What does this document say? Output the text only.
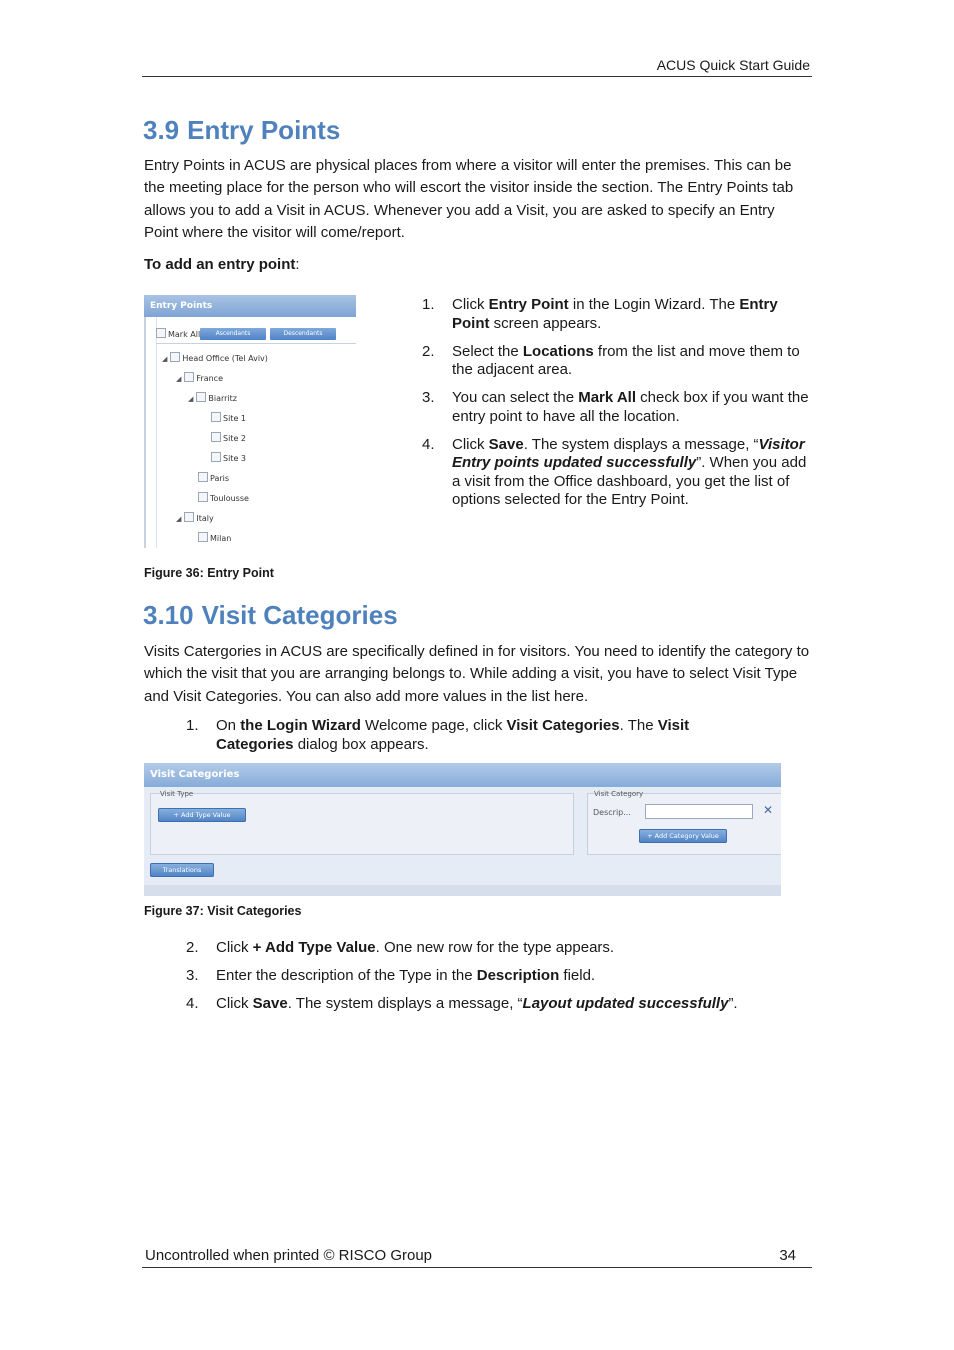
ACUS Quick Start Guide
3.9 Entry Points

Entry Points in ACUS are physical places from where a visitor will enter the premises. This can be the meeting place for the person who will escort the visitor inside the section. The Entry Points tab allows you to add a Visit in ACUS. Whenever you add a Visit, you are asked to specify an Entry Point where the visitor will come/report.

To add an entry point:

Entry Points
Mark All	Ascendants	Descendants
◢ Head Office (Tel Aviv)
◢ France
◢ Biarritz
Site 1
Site 2
Site 3
Paris
Toulousse
◢ Italy
Milan
1. Click Entry Point in the Login Wizard. The Entry Point screen appears.
2. Select the Locations from the list and move them to the adjacent area.
3. You can select the Mark All check box if you want the entry point to have all the location.
4. Click Save. The system displays a message, “Visitor Entry points updated successfully”. When you add a visit from the Office dashboard, you get the list of options selected for the Entry Point.
Figure 36: Entry Point
3.10 Visit Categories

Visits Catergories in ACUS are specifically defined in for visitors. You need to identify the category to which the visit that you are arranging belongs to. While adding a visit, you have to select Visit Type and Visit Categories. You can also add more values in the list here.

1. On the Login Wizard Welcome page, click Visit Categories. The Visit Categories dialog box appears.
Visit Categories
Visit Type
+ Add Type Value
Visit Category
Descrip...	✕
+ Add Category Value
Translations
Figure 37: Visit Categories
2. Click + Add Type Value. One new row for the type appears.
3. Enter the description of the Type in the Description field.
4. Click Save. The system displays a message, “Layout updated successfully”.
Uncontrolled when printed © RISCO Group	34
